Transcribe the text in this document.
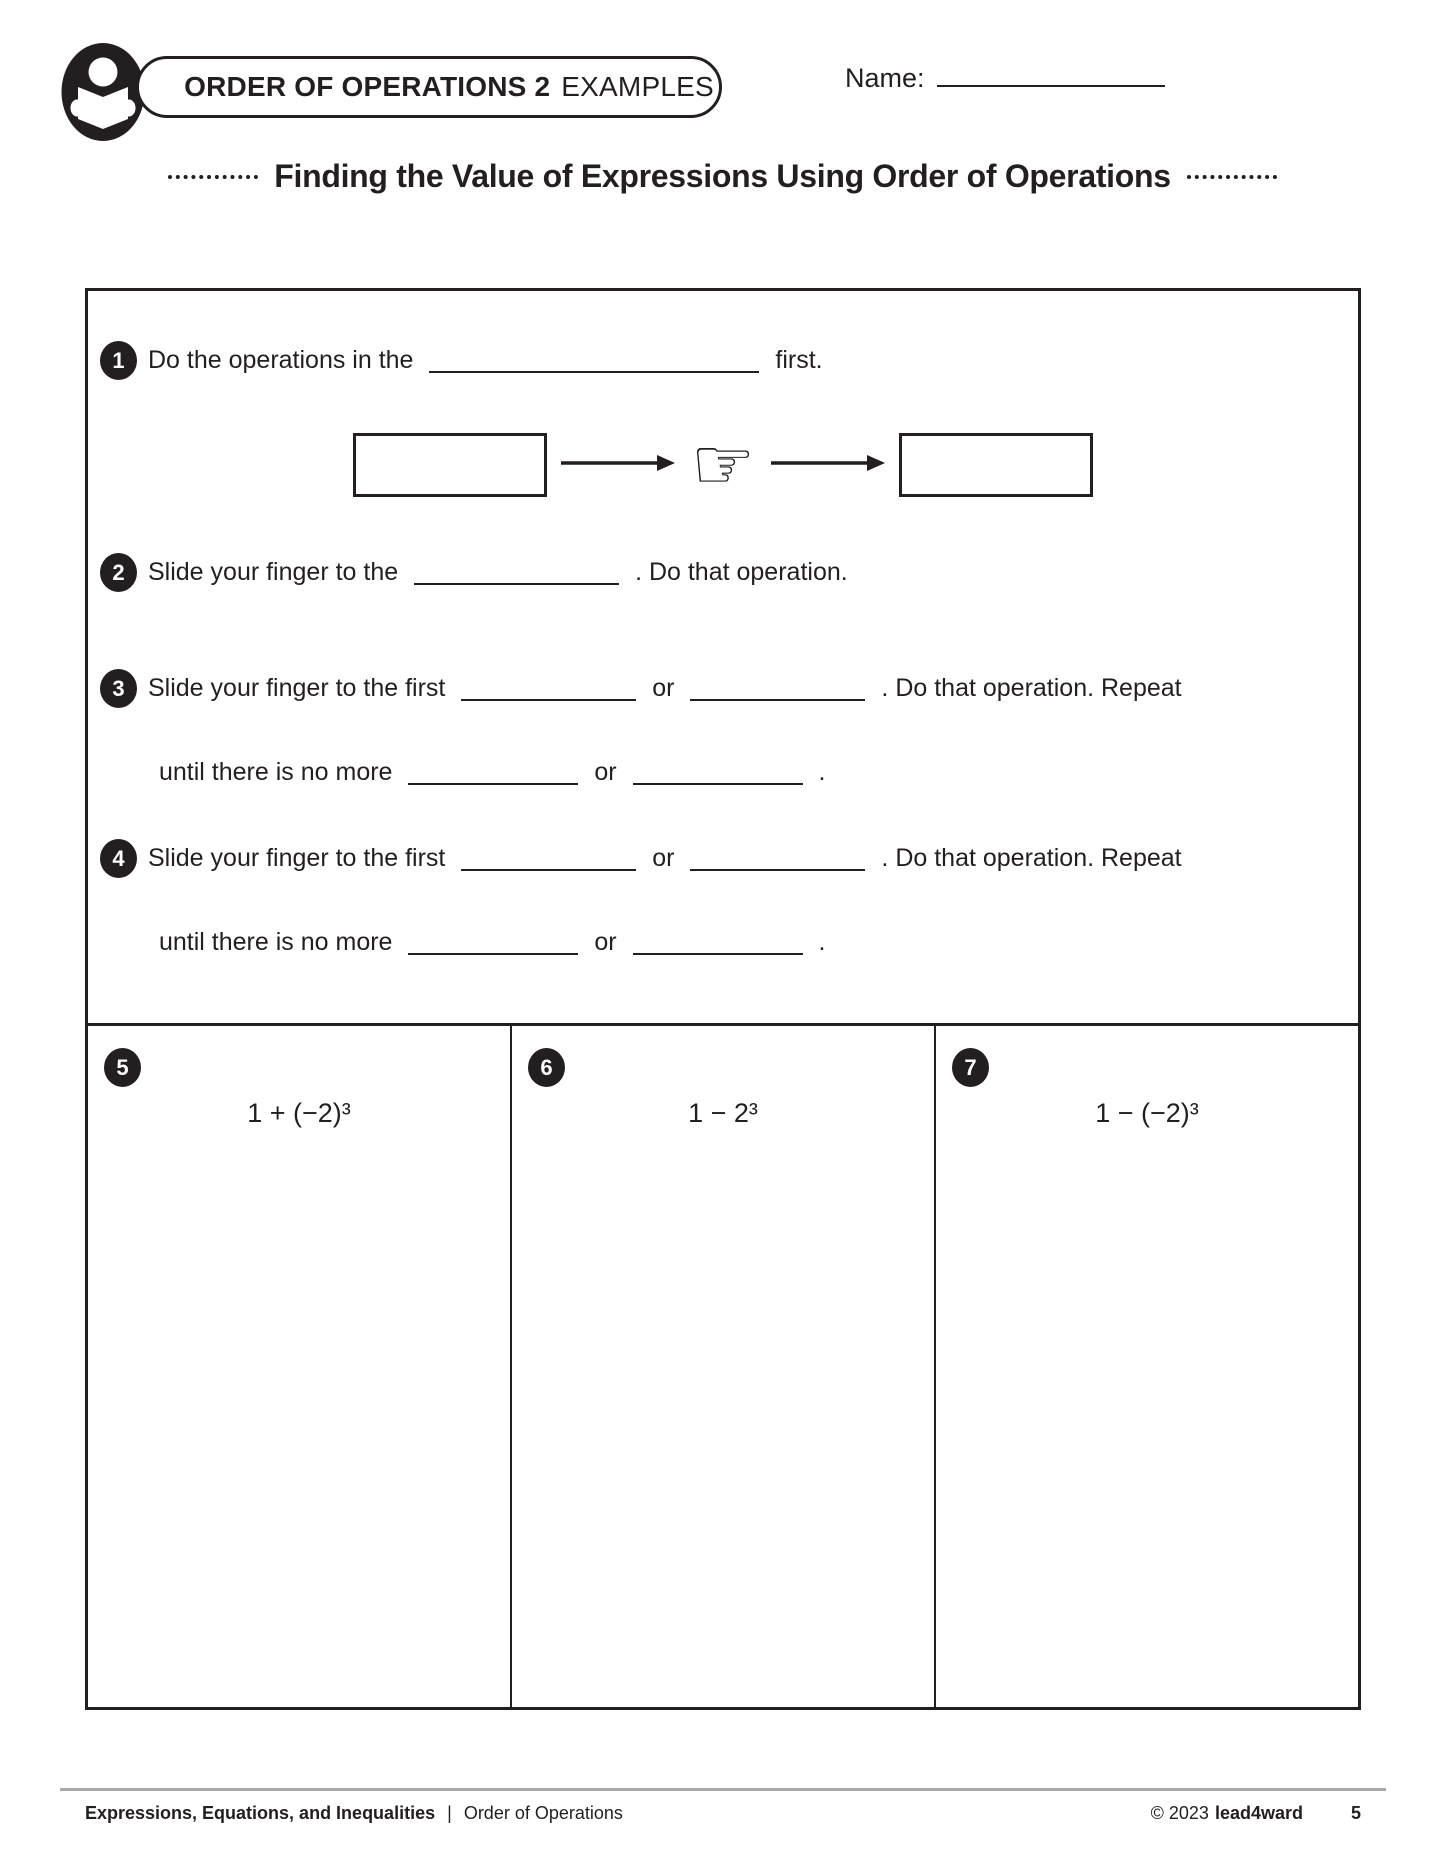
ORDER OF OPERATIONS 2 EXAMPLES	Name:
Finding the Value of Expressions Using Order of Operations
1 Do the operations in the	first.
☞
2 Slide your finger to the	. Do that operation.
3 Slide your finger to the first	or	. Do that operation. Repeat
until there is no more	or	.
4 Slide your finger to the first	or	. Do that operation. Repeat
until there is no more	or	.
5
1 + (−2)³
6
1 − 2³
7
1 − (−2)³
Expressions, Equations, and Inequalities | Order of Operations	© 2023 lead4ward	5
